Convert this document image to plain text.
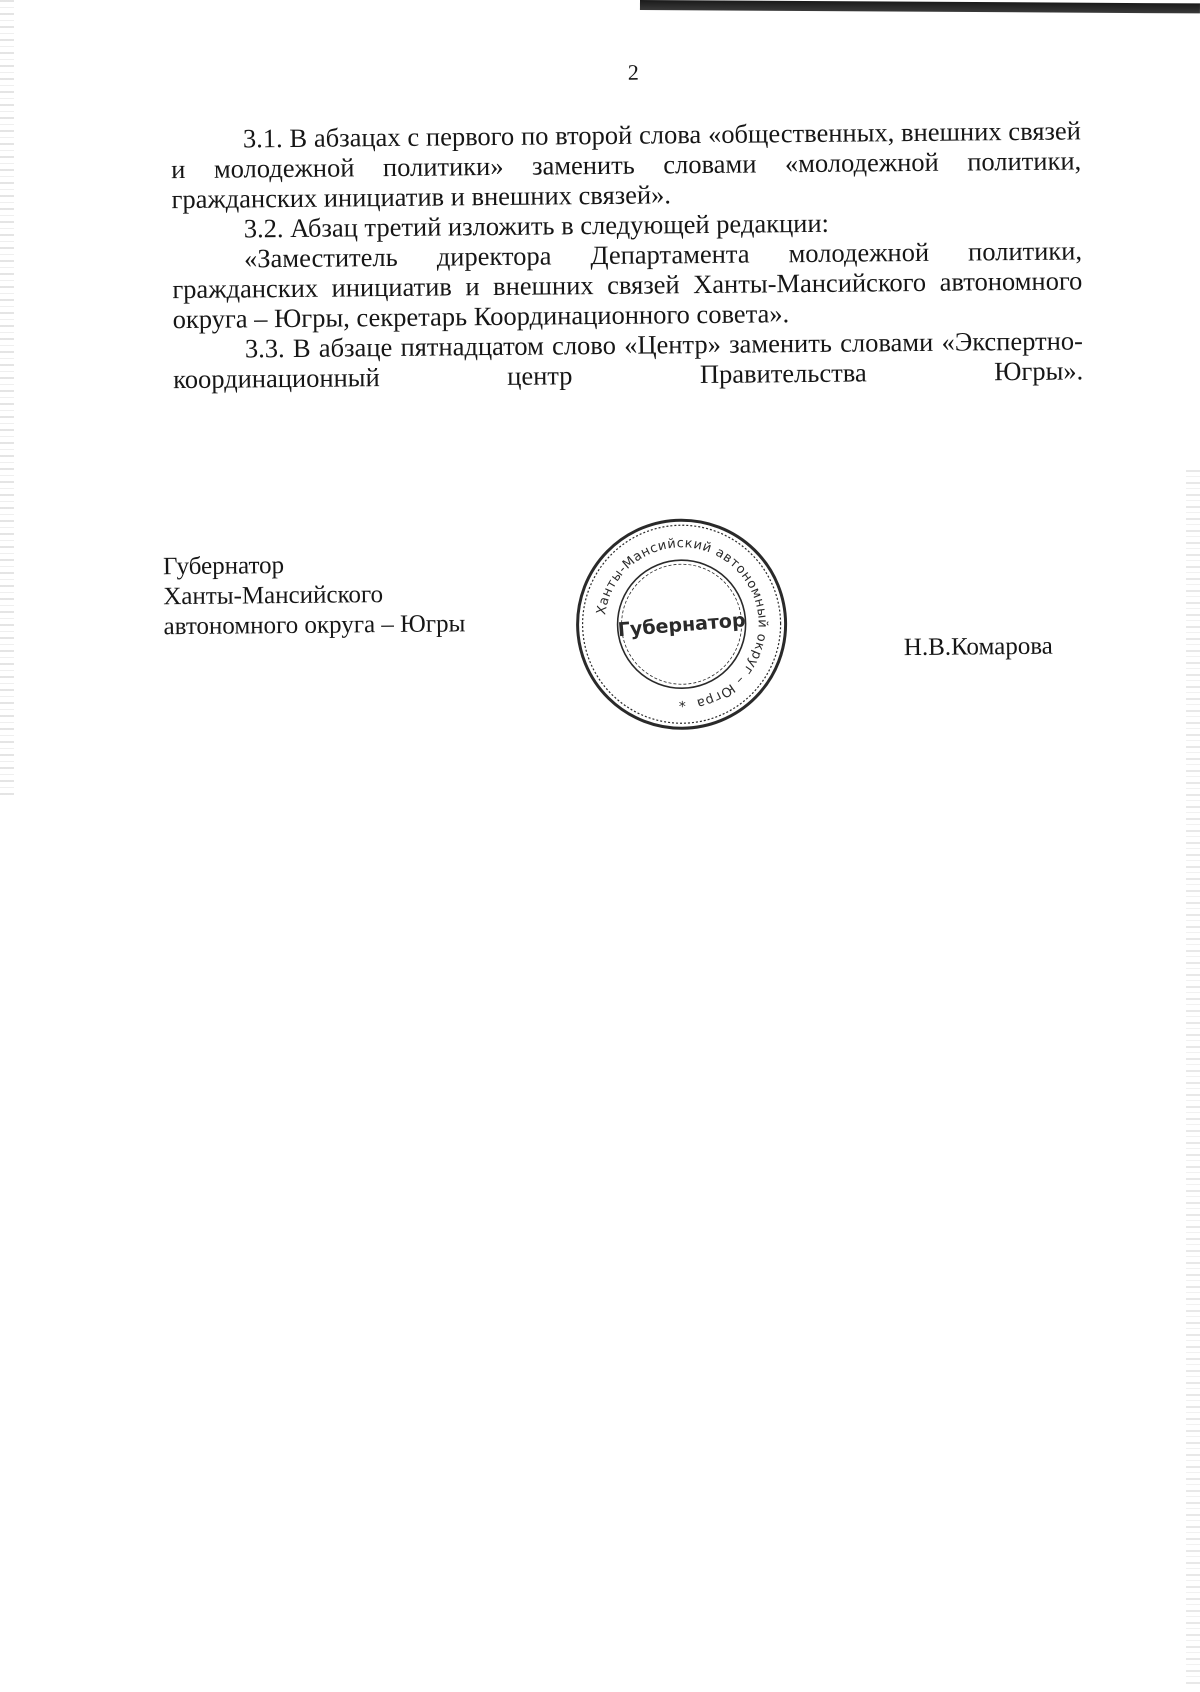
2

3.1. В абзацах с первого по второй слова «общественных, внешних связей и молодежной политики» заменить словами «молодежной политики, гражданских инициатив и внешних связей».

3.2. Абзац третий изложить в следующей редакции:

«Заместитель директора Департамента молодежной политики, гражданских инициатив и внешних связей Ханты-Мансийского автономного округа – Югры, секретарь Координационного совета».

3.3. В абзаце пятнадцатом слово «Центр» заменить словами «Экспертно-координационный центр Правительства Югры».

Губернатор
Ханты-Мансийского
автономного округа – Югры
Ханты-Мансийский автономный округ – Югра
Губернатор
*
Н.В.Комарова
